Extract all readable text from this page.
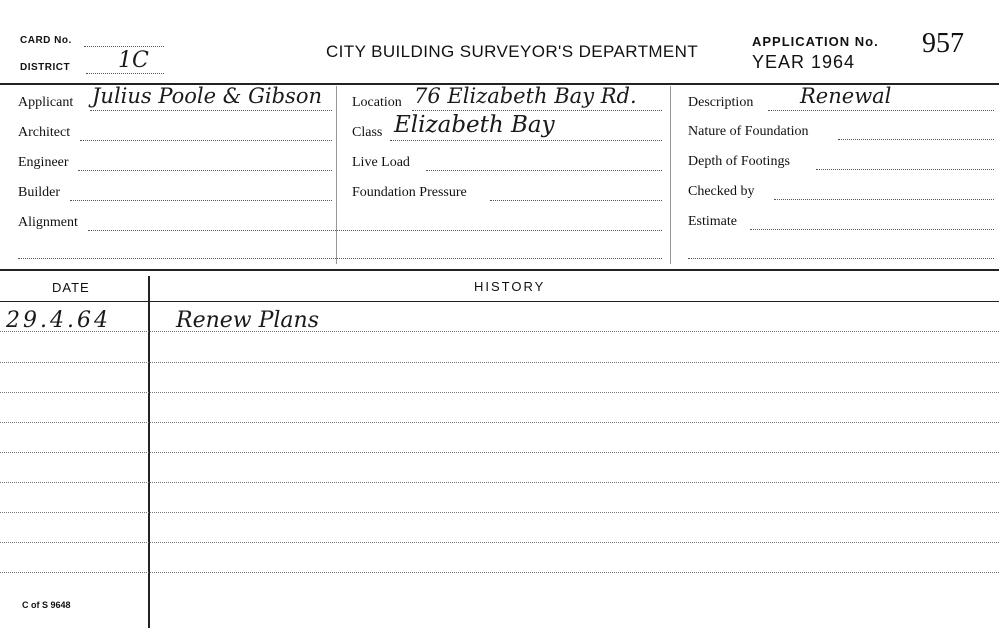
CARD No.
DISTRICT 1C	CITY BUILDING SURVEYOR'S DEPARTMENT
APPLICATION No. 957
YEAR 1964
Applicant Julius Poole & Gibson
Architect
Engineer
Builder
Alignment
Location 76 Elizabeth Bay Rd.
Class Elizabeth Bay
Live Load
Foundation Pressure
Description Renewal
Nature of Foundation
Depth of Footings
Checked by
Estimate
DATE	HISTORY
29.4.64	Renew Plans
C of S 9648
